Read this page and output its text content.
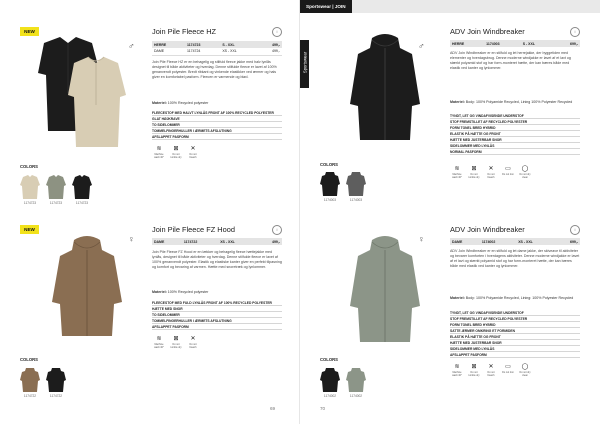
NEW
♂
COLORS
1174723	1174723	1174723
Join Pile Fleece HZ	i
HERRE	1174723	S - XXL	499,-
DAME	1174724	XS - XXL	499,-
Join Pile Fleece HZ er en behagelig og stilfuld fleece jakke med halv lynlås designet til både aktiviteter og hverdag. Denne stilfulde fleece er lavet af 100% genanvendt polyester. Bredt ribkant og vinkende elastikker ved ærmer og hals giver en komfortabel pasform. Fleecen er varmende og blød.
Materiel: 100% Recycled polyester
FLEECESTOF MED HALVT LYNLÅS FRONT AF 100% RECYCLED POLYESTER
GLAT HØJKRAVE
TO SIDELOMMER
TOMMELFINGERHULLER I ÆRMETS AFSLUTNING
AFSLAPPET PASFORM
≋
Machine wash 40°
⊠
Do not tumble dry
✕
Do not bleach
NEW
♀
COLORS
1174722	1174722
Join Pile Fleece FZ Hood	i
DAME	1174722	XS - XXL	499,-
Join Pile Fleece FZ Hood er en lækker og behagelig fleece hættejakke med lynlås, designet til både aktiviteter og hverdag. Denne stilfulde fleece er lavet af 100% genanvendt polyester. Elastik og elastiske kanter giver en perfekt tilpasning og komfort og bevaring af varmen. Hætte med snoretræk og lynlommer.
Materiel: 100% Recycled polyester
FLEECESTOF MED FULD LYNLÅS FRONT AF 100% RECYCLED POLYESTER
HÆTTE MED SNOR
TO SIDELOMMER
TOMMELFINGERHULLER I ÆRMETS AFSLUTNING
AFSLAPPET PASFORM
≋
Machine wash 40°
⊠
Do not tumble dry
✕
Do not bleach
69
Sportswear | JOIN
Sportswear
♂
COLORS
1174003	1174003
ADV Join Windbreaker	i
HERRE	1174003	S - XXL	699,-
ADV Join Windbreaker er en stilfuld og let herrejakke, der byggetiden med elementer og hverdagsbrug. Denne moderne windjakke er lavet af et lavt og stærkt polyamid stof og har form-monteret hætte, der kan bæres både med elastik ved kanter og lynlommer.
Materiel: Body: 100% Polyamide Recycled, Lining 100% Polyester Recycled
TYNDT, LET OG VINDAFVISENDE UNDERSTOF
STOF FREMSTILLET AF RECYCLED POLYESTER
FORM TONEL BRED HYBRID
ELASTIK PÅ HÆTTE OG FRONT
HÆTTE MED JUSTERBAR SNOR
SIDELOMMER MED LYNLÅS
NORMAL PASFORM
≋
Machine wash 40°
⊠
Do not tumble dry
✕
Do not bleach
▭
Do not iron
◯
Do not dry clean
♀
COLORS
1174002	1174002
ADV Join Windbreaker	i
DAME	1174002	XS - XXL	699,-
ADV Join Windbreaker er en stilfuld og let dame jakke, der skiveave til aktiviteter og bevarer komforten i hverdagens aktiviteter. Denne moderne windjakke er lavet af et lavt og stærkt polyamid stof og har form-monteret hætte, der kan bæres både med elastik ved kanter og lynlommer.
Materiel: Body: 100% Polyamide Recycled, Lining: 100% Polyester Recycled
TYNDT, LET OG VINDAFVISENDE UNDERSTOF
STOF FREMSTILLET AF RECYCLED POLYESTER
FORM TONEL BRED HYBRID
SATTE ÆRMER OMKRING ET FORMIDEN
ELASTIK PÅ HÆTTE OG FRONT
HÆTTE MED JUSTERBAR SNOR
SIDELOMMER MED LYNLÅS
AFSLAPPET PASFORM
≋
Machine wash 40°
⊠
Do not tumble dry
✕
Do not bleach
▭
Do not iron
◯
Do not dry clean
70
